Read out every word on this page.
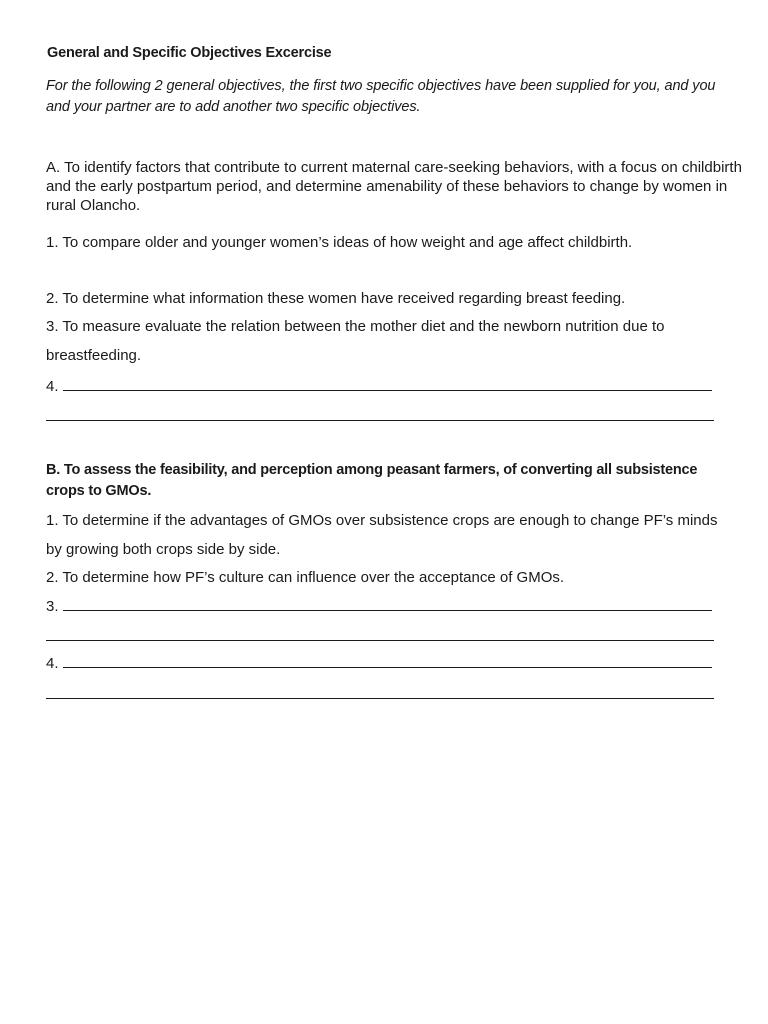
General and Specific Objectives Excercise
For the following 2 general objectives, the first two specific objectives have been supplied for you, and you and your partner are to add another two specific objectives.
A. To identify factors that contribute to current maternal care-seeking behaviors, with a focus on childbirth and the early postpartum period, and determine amenability of these behaviors to change by women in rural Olancho.
1. To compare older and younger women’s ideas of how weight and age affect childbirth.
2. To determine what information these women have received regarding breast feeding.
3. To measure evaluate the relation between the mother diet and the newborn nutrition due to breastfeeding.
4.
B. To assess the feasibility, and perception among peasant farmers, of converting all subsistence crops to GMOs.
1. To determine if the advantages of GMOs over subsistence crops are enough to change PF’s minds by growing both crops side by side.
2. To determine how PF’s culture can influence over the acceptance of GMOs.
3.
4.
